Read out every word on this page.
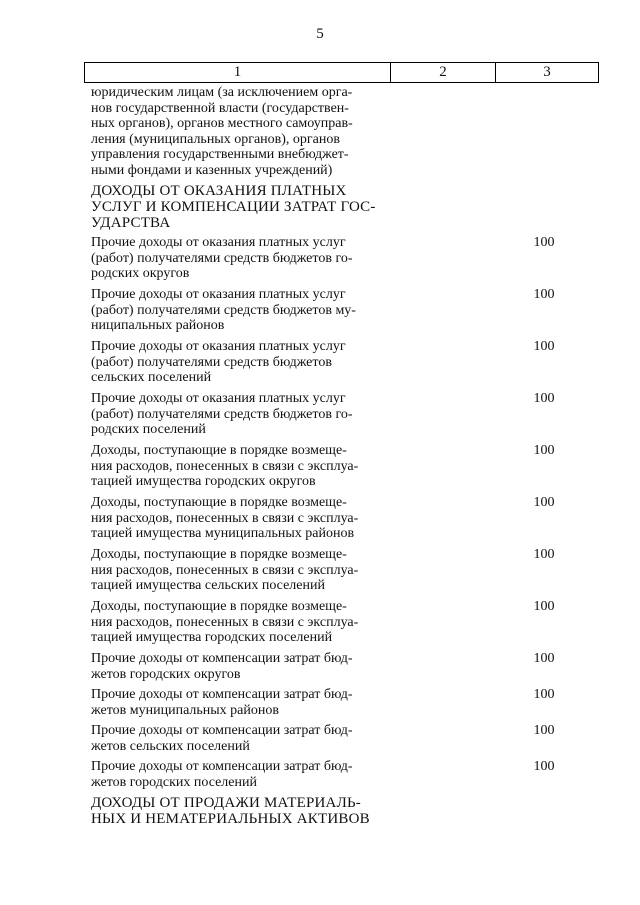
5
1	2	3
юридическим лицам (за исключением орга-
нов государственной власти (государствен-
ных органов), органов местного самоуправ-
ления (муниципальных органов), органов
управления государственными внебюджет-
ными фондами и казенных учреждений)
ДОХОДЫ ОТ ОКАЗАНИЯ ПЛАТНЫХ
УСЛУГ И КОМПЕНСАЦИИ ЗАТРАТ ГОС-
УДАРСТВА
Прочие доходы от оказания платных услуг
(работ) получателями средств бюджетов го-
родских округов
100
Прочие доходы от оказания платных услуг
(работ) получателями средств бюджетов му-
ниципальных районов
100
Прочие доходы от оказания платных услуг
(работ) получателями средств бюджетов
сельских поселений
100
Прочие доходы от оказания платных услуг
(работ) получателями средств бюджетов го-
родских поселений
100
Доходы, поступающие в порядке возмеще-
ния расходов, понесенных в связи с эксплуа-
тацией имущества городских округов
100
Доходы, поступающие в порядке возмеще-
ния расходов, понесенных в связи с эксплуа-
тацией имущества муниципальных районов
100
Доходы, поступающие в порядке возмеще-
ния расходов, понесенных в связи с эксплуа-
тацией имущества сельских поселений
100
Доходы, поступающие в порядке возмеще-
ния расходов, понесенных в связи с эксплуа-
тацией имущества городских поселений
100
Прочие доходы от компенсации затрат бюд-
жетов городских округов
100
Прочие доходы от компенсации затрат бюд-
жетов муниципальных районов
100
Прочие доходы от компенсации затрат бюд-
жетов сельских поселений
100
Прочие доходы от компенсации затрат бюд-
жетов городских поселений
100
ДОХОДЫ ОТ ПРОДАЖИ МАТЕРИАЛЬ-
НЫХ И НЕМАТЕРИАЛЬНЫХ АКТИВОВ
